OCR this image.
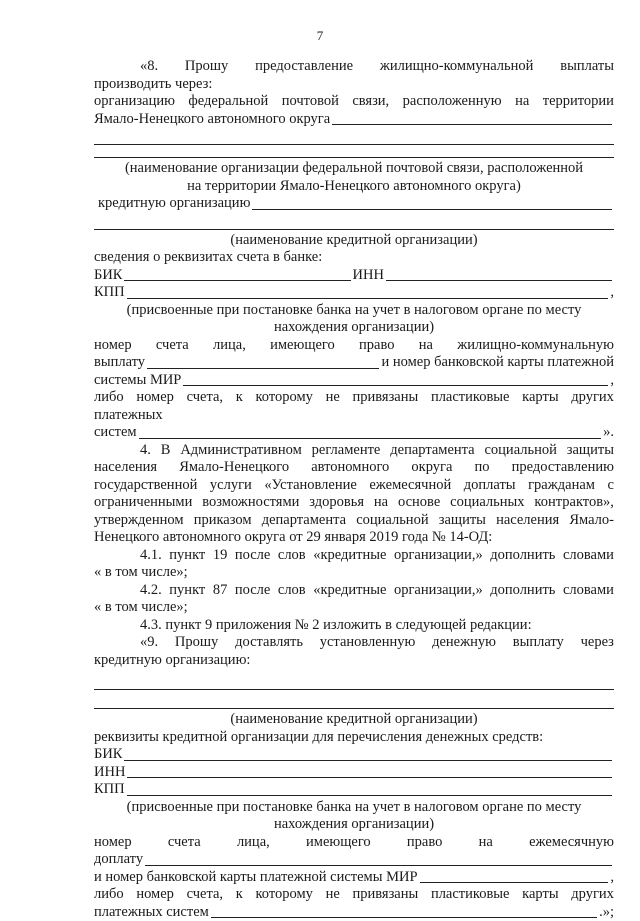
7
«8. Прошу предоставление жилищно-коммунальной выплаты
производить через:
организацию федеральной почтовой связи, расположенную на территории
Ямало-Ненецкого автономного округа
(наименование организации федеральной почтовой связи, расположенной
на территории Ямало-Ненецкого автономного округа)
кредитную организацию
(наименование кредитной организации)
сведения о реквизитах счета в банке:
БИК	ИНН
КПП	,
(присвоенные при постановке банка на учет в налоговом органе по месту
нахождения организации)
номер счета лица, имеющего право на жилищно-коммунальную
выплату	и номер банковской карты платежной
системы МИР	,
либо номер счета, к которому не привязаны пластиковые карты других
платежных
систем	».
4. В Административном регламенте департамента социальной защиты
населения Ямало-Ненецкого автономного округа по предоставлению
государственной услуги «Установление ежемесячной доплаты гражданам с
ограниченными возможностями здоровья на основе социальных контрактов»,
утвержденном приказом департамента социальной защиты населения Ямало-
Ненецкого автономного округа от 29 января 2019 года № 14-ОД:
4.1. пункт 19 после слов «кредитные организации,» дополнить словами
« в том числе»;
4.2. пункт 87 после слов «кредитные организации,» дополнить словами
« в том числе»;
4.3. пункт 9 приложения № 2 изложить в следующей редакции:
«9. Прошу доставлять установленную денежную выплату через
кредитную организацию:
(наименование кредитной организации)
реквизиты кредитной организации для перечисления денежных средств:
БИК
ИНН
КПП
(присвоенные при постановке банка на учет в налоговом органе по месту
нахождения организации)
номер	счета	лица,	имеющего	право	на	ежемесячную
доплату
и номер банковской карты платежной системы МИР	,
либо номер счета, к которому не привязаны пластиковые карты других
платежных систем	.»;
